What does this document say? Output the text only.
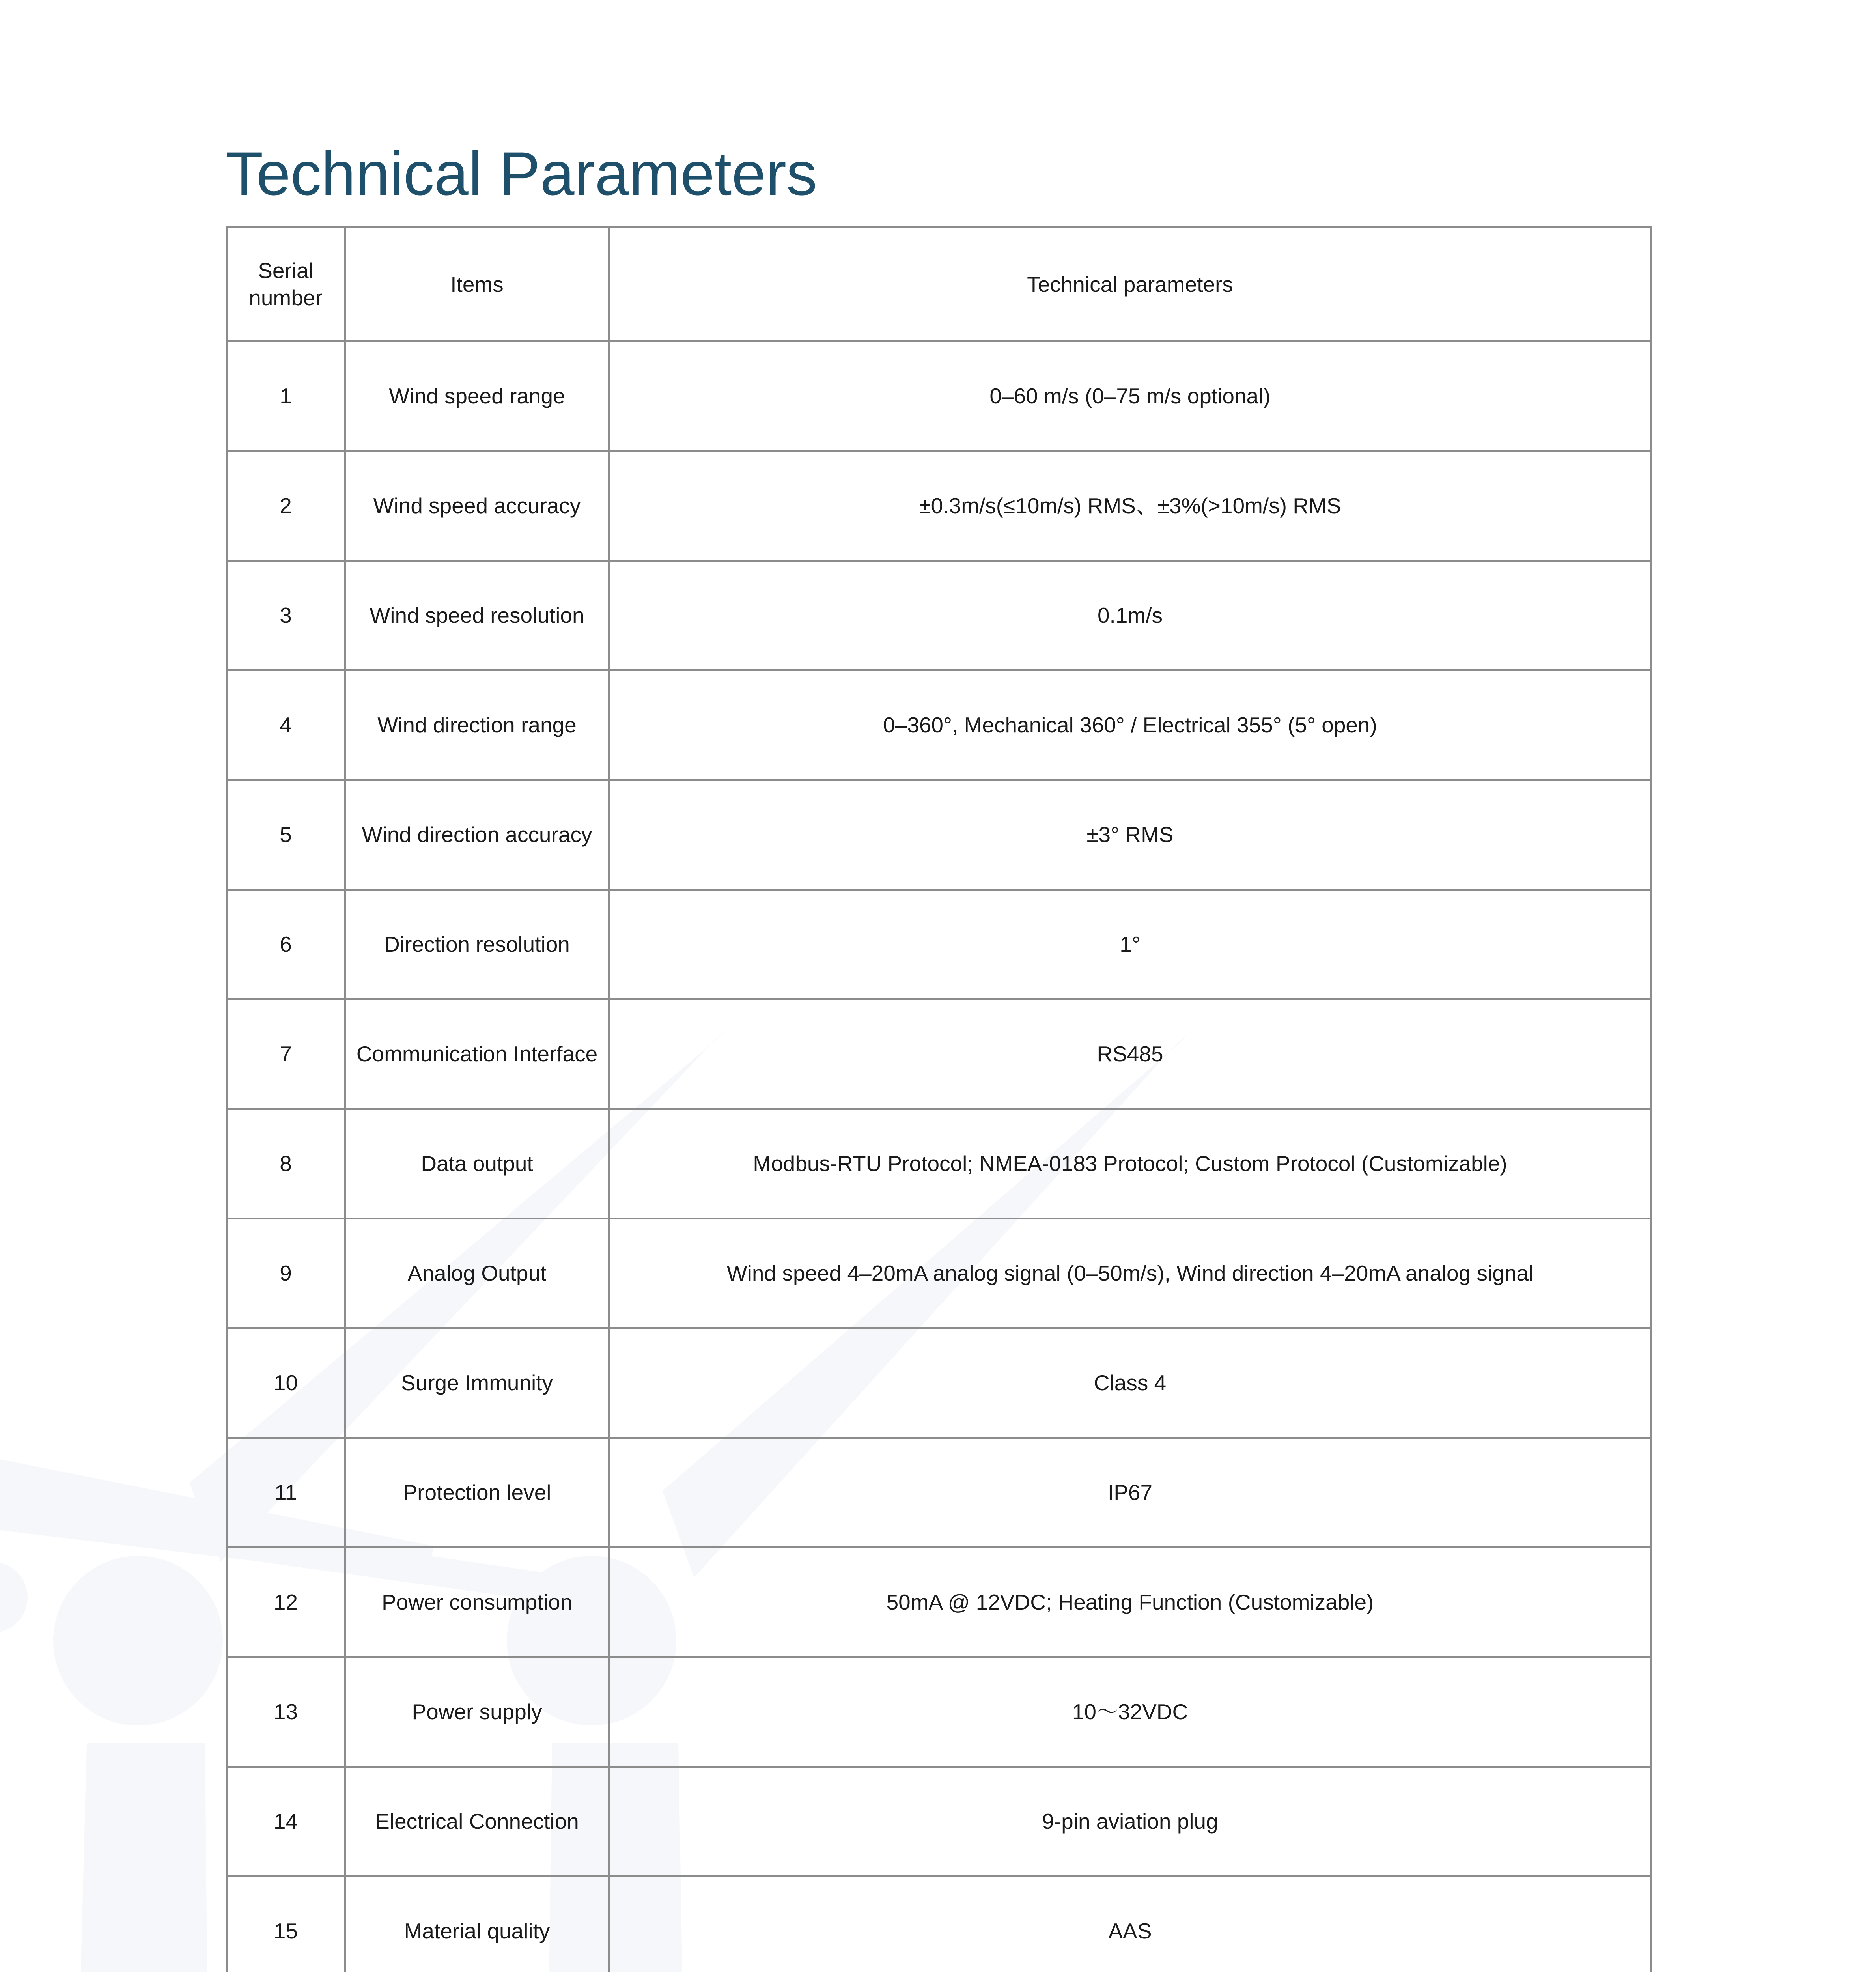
Technical Parameters
Serial number	Items	Technical parameters
1	Wind speed range	0–60 m/s (0–75 m/s optional)
2	Wind speed accuracy	±0.3m/s(≤10m/s) RMS、±3%(>10m/s) RMS
3	Wind speed resolution	0.1m/s
4	Wind direction range	0–360°, Mechanical 360° / Electrical 355° (5° open)
5	Wind direction accuracy	±3° RMS
6	Direction resolution	1°
7	Communication Interface	RS485
8	Data output	Modbus-RTU Protocol; NMEA-0183 Protocol; Custom Protocol (Customizable)
9	Analog Output	Wind speed 4–20mA analog signal (0–50m/s), Wind direction 4–20mA analog signal
10	Surge Immunity	Class 4
11	Protection level	IP67
12	Power consumption	50mA @ 12VDC; Heating Function (Customizable)
13	Power supply	10～32VDC
14	Electrical Connection	9-pin aviation plug
15	Material quality	AAS
